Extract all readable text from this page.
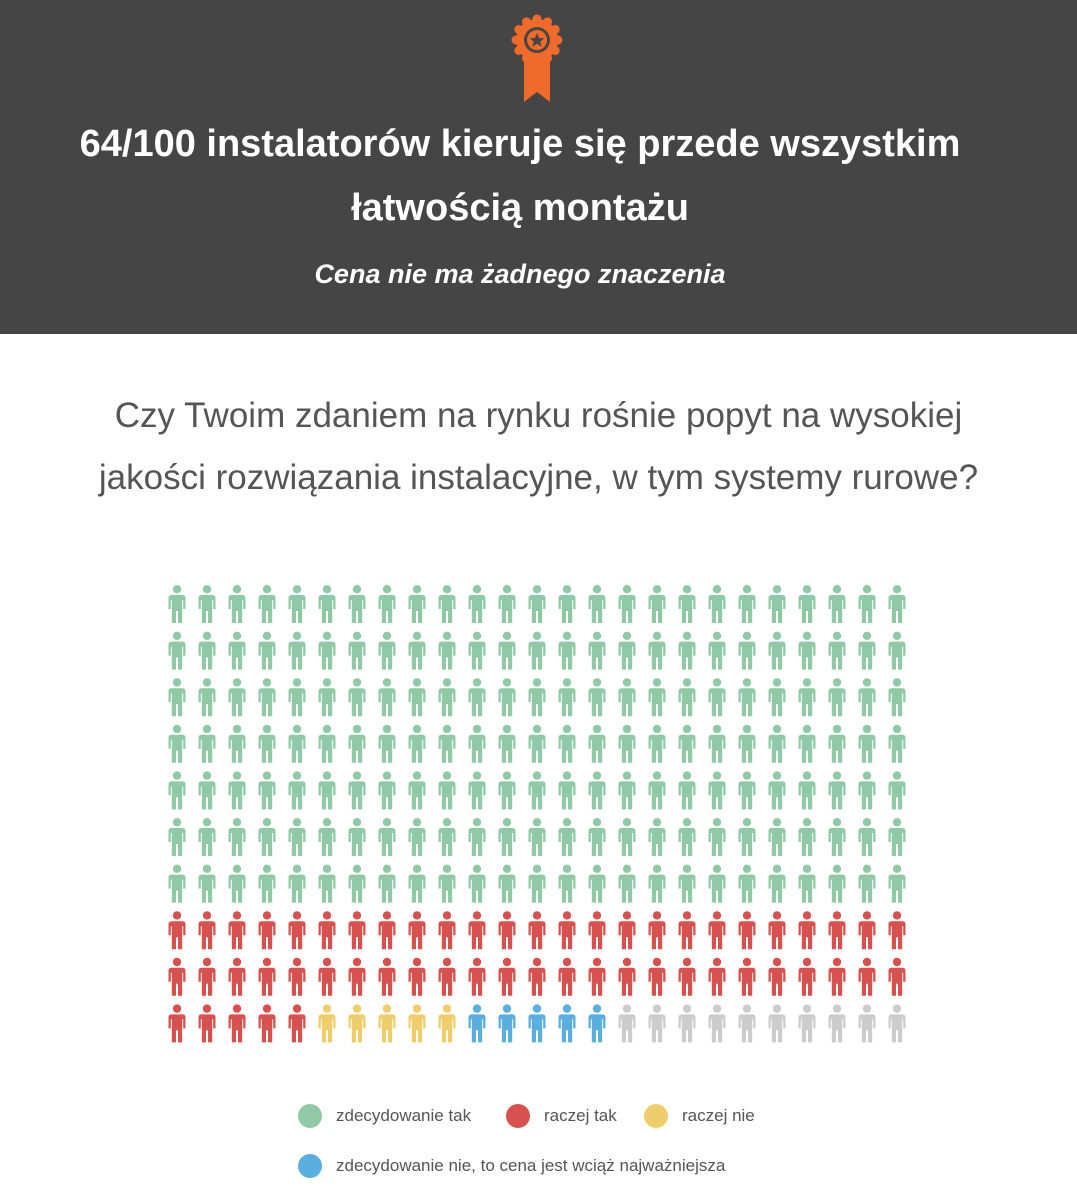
64/100 instalatorów kieruje się przede wszystkim
łatwością montażu

Cena nie ma żadnego znaczenia

Czy Twoim zdaniem na rynku rośnie popyt na wysokiej
jakości rozwiązania instalacyjne, w tym systemy rurowe?

zdecydowanie tak	raczej tak	raczej nie
zdecydowanie nie, to cena jest wciąż najważniejsza
